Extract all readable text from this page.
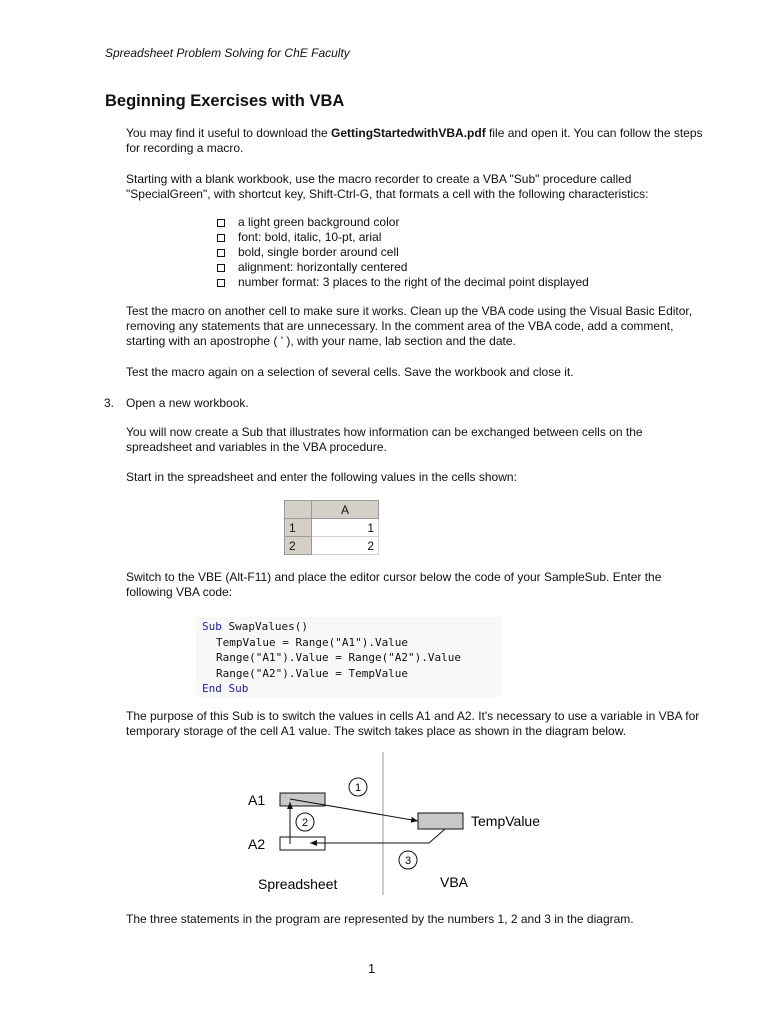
Spreadsheet Problem Solving for ChE Faculty
Beginning Exercises with VBA
You may find it useful to download the GettingStartedwithVBA.pdf file and open it. You can follow the steps for recording a macro.
Starting with a blank workbook, use the macro recorder to create a VBA "Sub" procedure called "SpecialGreen", with shortcut key, Shift-Ctrl-G, that formats a cell with the following characteristics:
a light green background color
font: bold, italic, 10-pt, arial
bold, single border around cell
alignment: horizontally centered
number format: 3 places to the right of the decimal point displayed
Test the macro on another cell to make sure it works. Clean up the VBA code using the Visual Basic Editor, removing any statements that are unnecessary. In the comment area of the VBA code, add a comment, starting with an apostrophe ( ' ), with your name, lab section and the date.
Test the macro again on a selection of several cells. Save the workbook and close it.
3. Open a new workbook.
You will now create a Sub that illustrates how information can be exchanged between cells on the spreadsheet and variables in the VBA procedure.
Start in the spreadsheet and enter the following values in the cells shown:
	A
1	1
2	2
Switch to the VBE (Alt-F11) and place the editor cursor below the code of your SampleSub. Enter the following VBA code:
Sub SwapValues()
TempValue = Range("A1").Value
Range("A1").Value = Range("A2").Value
Range("A2").Value = TempValue
End Sub
The purpose of this Sub is to switch the values in cells A1 and A2. It's necessary to use a variable in VBA for temporary storage of the cell A1 value. The switch takes place as shown in the diagram below.
1
2
3
A1
A2
TempValue
Spreadsheet	VBA
The three statements in the program are represented by the numbers 1, 2 and 3 in the diagram.
1
